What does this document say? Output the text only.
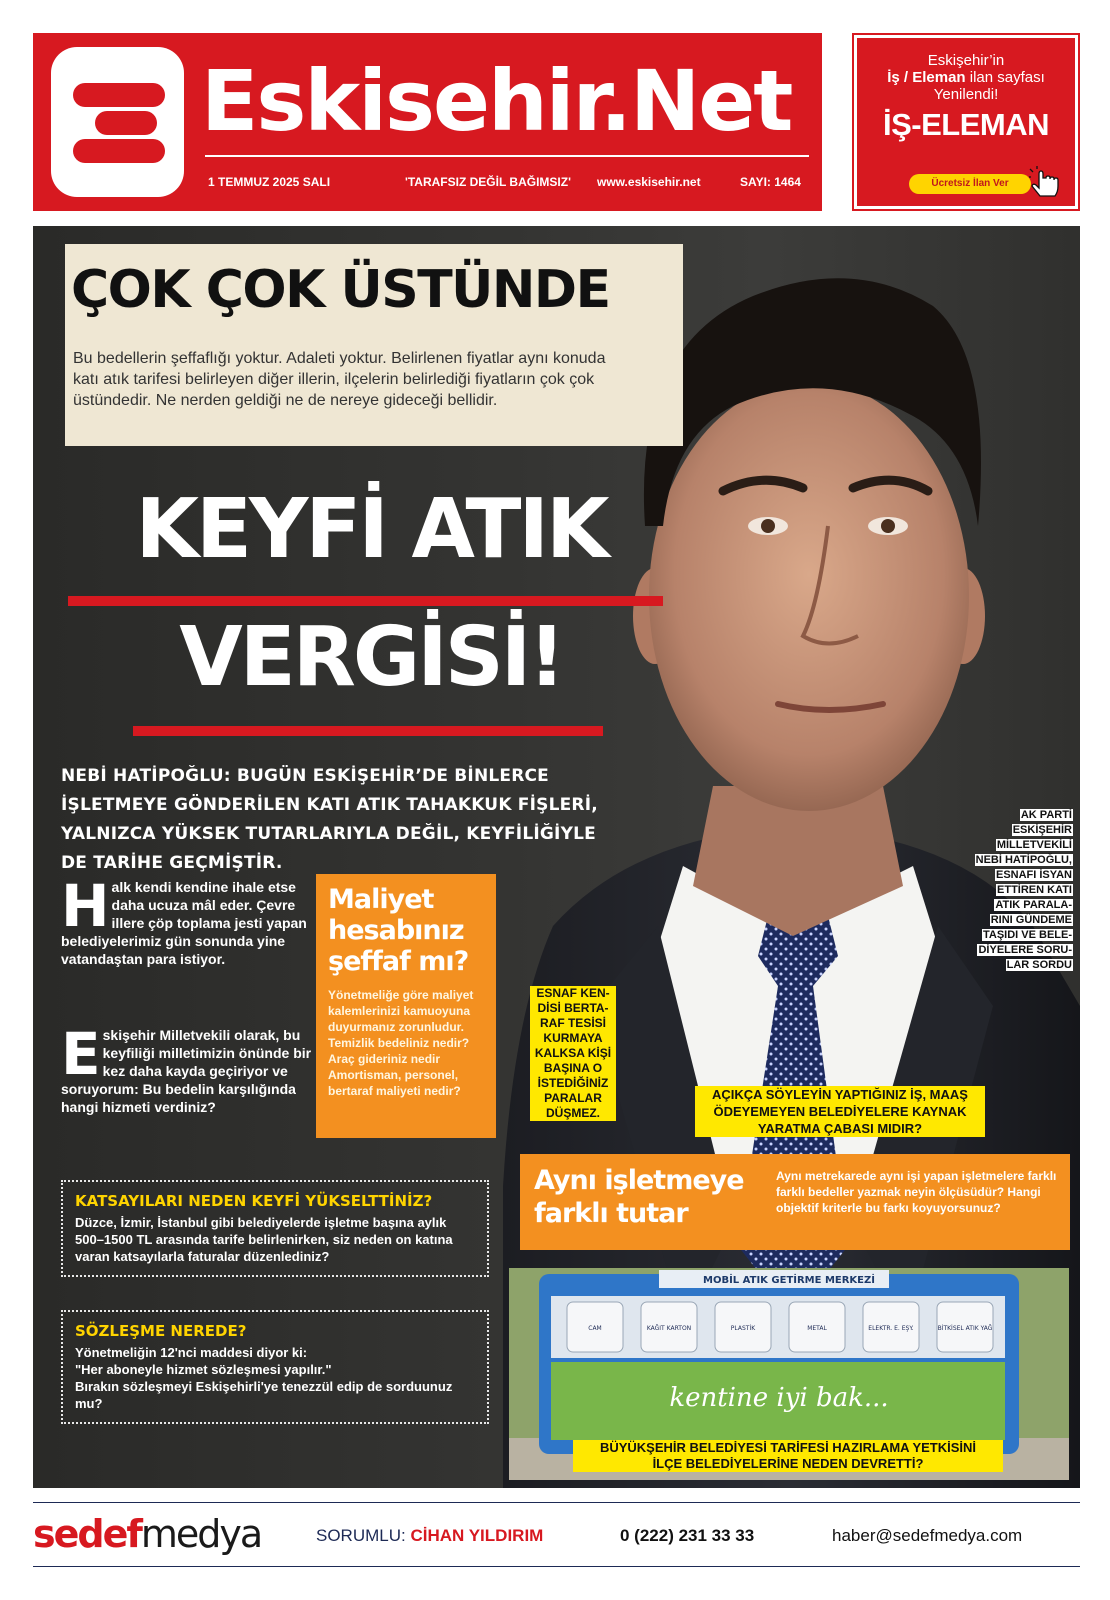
Eskisehir.Net
1 TEMMUZ 2025 SALI	'TARAFSIZ DEĞİL BAĞIMSIZ' www.eskisehir.net	SAYI: 1464
Eskişehir’in
İş / Eleman ilan sayfası
Yenilendi!
İŞ-ELEMAN
Ücretsiz İlan Ver
ÇOK ÇOK ÜSTÜNDE
Bu bedellerin şeffaflığı yoktur. Adaleti yoktur. Belirlenen fiyatlar aynı konuda katı atık tarifesi belirleyen diğer illerin, ilçelerin belirlediği fiyatların çok çok üstündedir. Ne nerden geldiği ne de nereye gideceği bellidir.
KEYFİ ATIK
VERGİSİ!
NEBİ HATİPOĞLU: BUGÜN ESKİŞEHİR’DE BİNLERCE İŞLETMEYE GÖNDERİLEN KATI ATIK TAHAKKUK FİŞLERİ, YALNIZCA YÜKSEK TUTARLARIYLA DEĞİL, KEYFİLİĞİYLE DE TARİHE GEÇMİŞTİR.
Halk kendi kendine ihale etse daha ucuza mâl eder. Çevre illere çöp toplama jesti yapan belediyelerimiz gün sonunda yine vatandaştan para istiyor.
Eskişehir Milletvekili olarak, bu keyfiliği milletimizin önünde bir kez daha kayda geçiriyor ve soruyorum: Bu bedelin karşılığında hangi hizmeti verdiniz?
Maliyet hesabınız şeffaf mı?
Yönetmeliğe göre maliyet kalemlerinizi kamuoyuna duyurmanız zorunludur. Temizlik bedeliniz nedir? Araç gideriniz nedir Amortisman, personel, bertaraf maliyeti nedir?
ESNAF KEN-
DİSİ BERTA-
RAF TESİSİ
KURMAYA
KALKSA KİŞİ
BAŞINA O
İSTEDİĞİNİZ
PARALAR
DÜŞMEZ.
AK PARTİ
ESKİŞEHİR
MİLLETVEKİLİ
NEBİ HATİPOĞLU,
ESNAFI İSYAN
ETTİREN KATI
ATIK PARALA-
RINI GÜNDEME
TAŞIDI VE BELE-
DİYELERE SORU-
LAR SORDU
AÇIKÇA SÖYLEYİN YAPTIĞINIZ İŞ, MAAŞ
ÖDEYEMEYEN BELEDİYELERE KAYNAK
YARATMA ÇABASI MIDIR?
Aynı işletmeye farklı tutar
Aynı metrekarede aynı işi yapan işletmelere farklı farklı bedeller yazmak neyin ölçüsüdür? Hangi objektif kriterle bu farkı koyuyorsunuz?
KATSAYILARI NEDEN KEYFİ YÜKSELTTİNİZ?
Düzce, İzmir, İstanbul gibi belediyelerde işletme başına aylık 500–1500 TL arasında tarife belirlenirken, siz neden on katına varan katsayılarla faturalar düzenlediniz?
SÖZLEŞME NEREDE?
Yönetmeliğin 12'nci maddesi diyor ki:
"Her aboneyle hizmet sözleşmesi yapılır."
Bırakın sözleşmeyi Eskişehirli'ye tenezzül edip de sorduunuz mu?
CAM	KAĞIT KARTON	PLASTİK	METAL	ELEKTR. E. EŞY.	BİTKİSEL ATIK YAĞ
MOBİL ATIK GETİRME MERKEZİ
kentine iyi bak...
BÜYÜKŞEHİR BELEDİYESİ TARİFESİ HAZIRLAMA YETKİSİNİ
İLÇE BELEDİYELERİNE NEDEN DEVRETTİ?
sedefmedya	SORUMLU: CİHAN YILDIRIM	0 (222) 231 33 33	haber@sedefmedya.com
